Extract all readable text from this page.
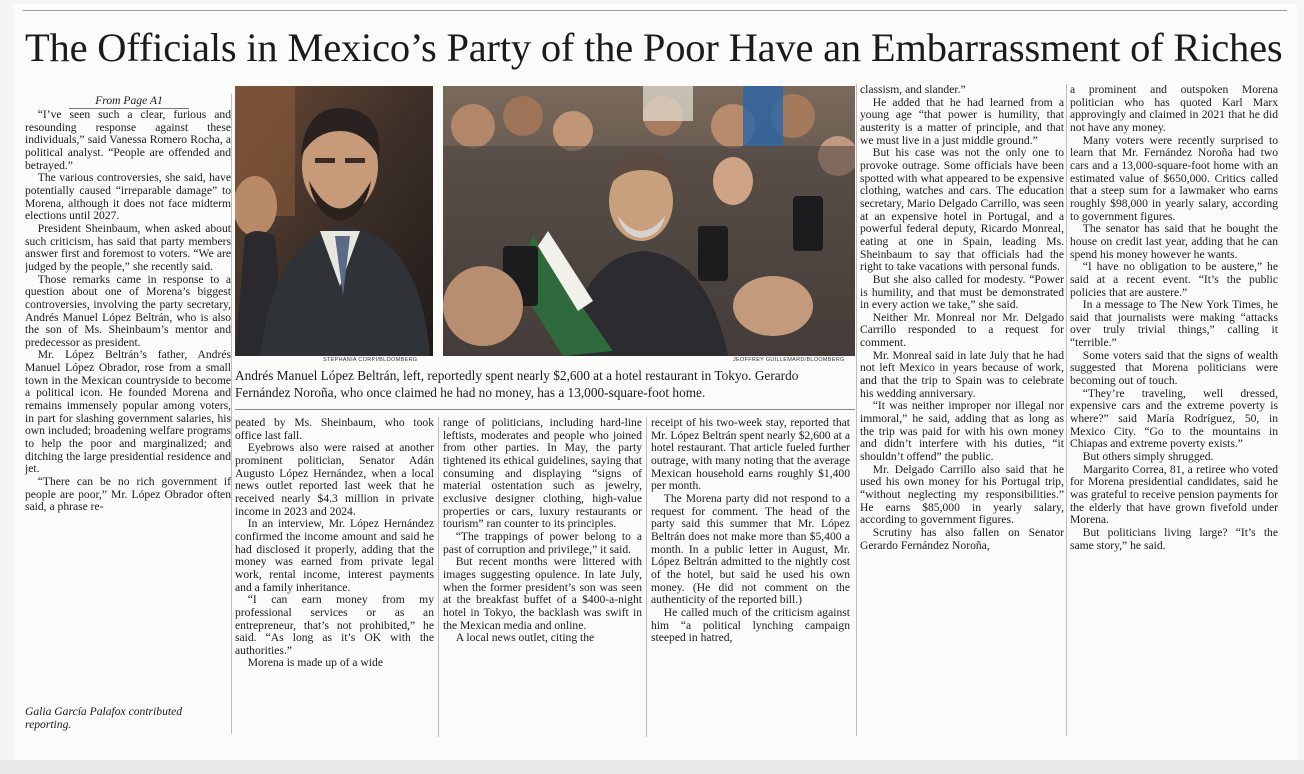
The Officials in Mexico’s Party of the Poor Have an Embarrassment of Riches
From Page A1

“I’ve seen such a clear, furious and resounding response against these individuals,” said Vanessa Romero Rocha, a political analyst. “People are offended and betrayed.”

The various controversies, she said, have potentially caused “irreparable damage” to Morena, although it does not face midterm elections until 2027.

President Sheinbaum, when asked about such criticism, has said that party members answer first and foremost to voters. “We are judged by the people,” she recently said.

Those remarks came in response to a question about one of Morena’s biggest controversies, involving the party secretary, Andrés Manuel López Beltrán, who is also the son of Ms. Sheinbaum’s mentor and predecessor as president.

Mr. López Beltrán’s father, Andrés Manuel López Obrador, rose from a small town in the Mexican countryside to become a political icon. He founded Morena and remains immensely popular among voters, in part for slashing government salaries, his own included; broadening welfare programs to help the poor and marginalized; and ditching the large presidential residence and jet.

“There can be no rich government if people are poor,” Mr. López Obrador often said, a phrase re-

Galia García Palafox contributed reporting.
STEPHANIA CORPI/BLOOMBERG	JEOFFREY GUILLEMARD/BLOOMBERG
Andrés Manuel López Beltrán, left, reportedly spent nearly $2,600 at a hotel restaurant in Tokyo. Gerardo Fernández Noroña, who once claimed he had no money, has a 13,000-square-foot home.

peated by Ms. Sheinbaum, who took office last fall.

Eyebrows also were raised at another prominent politician, Senator Adán Augusto López Hernández, when a local news outlet reported last week that he received nearly $4.3 million in private income in 2023 and 2024.

In an interview, Mr. López Hernández confirmed the income amount and said he had disclosed it properly, adding that the money was earned from private legal work, rental income, interest payments and a family inheritance.

“I can earn money from my professional services or as an entrepreneur, that’s not prohibited,” he said. “As long as it’s OK with the authorities.”

Morena is made up of a wide

range of politicians, including hard-line leftists, moderates and people who joined from other parties. In May, the party tightened its ethical guidelines, saying that consuming and displaying “signs of material ostentation such as jewelry, exclusive designer clothing, high-value properties or cars, luxury restaurants or tourism” ran counter to its principles.

“The trappings of power belong to a past of corruption and privilege,” it said.

But recent months were littered with images suggesting opulence. In late July, when the former president’s son was seen at the breakfast buffet of a $400-a-night hotel in Tokyo, the backlash was swift in the Mexican media and online.

A local news outlet, citing the

receipt of his two-week stay, reported that Mr. López Beltrán spent nearly $2,600 at a hotel restaurant. That article fueled further outrage, with many noting that the average Mexican household earns roughly $1,400 per month.

The Morena party did not respond to a request for comment. The head of the party said this summer that Mr. López Beltrán does not make more than $5,400 a month. In a public letter in August, Mr. López Beltrán admitted to the nightly cost of the hotel, but said he used his own money. (He did not comment on the authenticity of the reported bill.)

He called much of the criticism against him “a political lynching campaign steeped in hatred,

classism, and slander.”

He added that he had learned from a young age “that power is humility, that austerity is a matter of principle, and that we must live in a just middle ground.”

But his case was not the only one to provoke outrage. Some officials have been spotted with what appeared to be expensive clothing, watches and cars. The education secretary, Mario Delgado Carrillo, was seen at an expensive hotel in Portugal, and a powerful federal deputy, Ricardo Monreal, eating at one in Spain, leading Ms. Sheinbaum to say that officials had the right to take vacations with personal funds.

But she also called for modesty. “Power is humility, and that must be demonstrated in every action we take,” she said.

Neither Mr. Monreal nor Mr. Delgado Carrillo responded to a request for comment.

Mr. Monreal said in late July that he had not left Mexico in years because of work, and that the trip to Spain was to celebrate his wedding anniversary.

“It was neither improper nor illegal nor immoral,” he said, adding that as long as the trip was paid for with his own money and didn’t interfere with his duties, “it shouldn’t offend” the public.

Mr. Delgado Carrillo also said that he used his own money for his Portugal trip, “without neglecting my responsibilities.” He earns $85,000 in yearly salary, according to government figures.

Scrutiny has also fallen on Senator Gerardo Fernández Noroña,

a prominent and outspoken Morena politician who has quoted Karl Marx approvingly and claimed in 2021 that he did not have any money.

Many voters were recently surprised to learn that Mr. Fernández Noroña had two cars and a 13,000-square-foot home with an estimated value of $650,000. Critics called that a steep sum for a lawmaker who earns roughly $98,000 in yearly salary, according to government figures.

The senator has said that he bought the house on credit last year, adding that he can spend his money however he wants.

“I have no obligation to be austere,” he said at a recent event. “It’s the public policies that are austere.”

In a message to The New York Times, he said that journalists were making “attacks over truly trivial things,” calling it “terrible.”

Some voters said that the signs of wealth suggested that Morena politicians were becoming out of touch.

“They’re traveling, well dressed, expensive cars and the extreme poverty is where?” said María Rodríguez, 50, in Mexico City. “Go to the mountains in Chiapas and extreme poverty exists.”

But others simply shrugged.

Margarito Correa, 81, a retiree who voted for Morena presidential candidates, said he was grateful to receive pension payments for the elderly that have grown fivefold under Morena.

But politicians living large? “It’s the same story,” he said.
